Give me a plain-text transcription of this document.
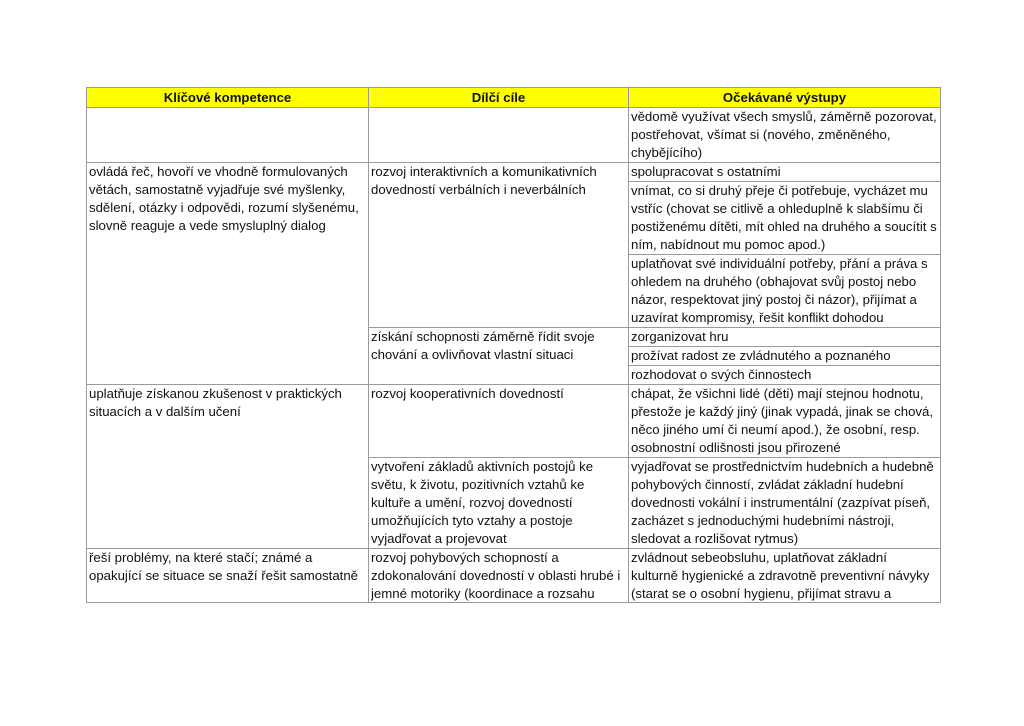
Klíčové kompetence	Dílčí cíle	Očekávané výstupy
		vědomě využívat všech smyslů, záměrně pozorovat, postřehovat, všímat si (nového, změněného, chybějícího)
ovládá řeč, hovoří ve vhodně formulovaných větách, samostatně vyjadřuje své myšlenky, sdělení, otázky i odpovědi, rozumí slyšenému, slovně reaguje a vede smysluplný dialog	rozvoj interaktivních a komunikativních dovedností verbálních i neverbálních	spolupracovat s ostatními
		vnímat, co si druhý přeje či potřebuje, vycházet mu vstříc (chovat se citlivě a ohleduplně k slabšímu či postiženému dítěti, mít ohled na druhého a soucítit s ním, nabídnout mu pomoc apod.)
		uplatňovat své individuální potřeby, přání a práva s ohledem na druhého (obhajovat svůj postoj nebo názor, respektovat jiný postoj či názor), přijímat a uzavírat kompromisy, řešit konflikt dohodou
	získání schopnosti záměrně řídit svoje chování a ovlivňovat vlastní situaci	zorganizovat hru
		prožívat radost ze zvládnutého a poznaného
		rozhodovat o svých činnostech
uplatňuje získanou zkušenost v praktických situacích a v dalším učení	rozvoj kooperativních dovedností	chápat, že všichni lidé (děti) mají stejnou hodnotu, přestože je každý jiný (jinak vypadá, jinak se chová, něco jiného umí či neumí apod.), že osobní, resp. osobnostní odlišnosti jsou přirozené
	vytvoření základů aktivních postojů ke světu, k životu, pozitivních vztahů ke kultuře a umění, rozvoj dovedností umožňujících tyto vztahy a postoje vyjadřovat a projevovat	vyjadřovat se prostřednictvím hudebních a hudebně pohybových činností, zvládat základní hudební dovednosti vokální i instrumentální (zazpívat píseň, zacházet s jednoduchými hudebními nástroji, sledovat a rozlišovat rytmus)

řeší problémy, na které stačí; známé a opakující se situace se snaží řešit samostatně	rozvoj pohybových schopností a zdokonalování dovedností v oblasti hrubé i jemné motoriky (koordinace a rozsahu	zvládnout sebeobsluhu, uplatňovat základní kulturně hygienické a zdravotně preventivní návyky (starat se o osobní hygienu, přijímat stravu a
